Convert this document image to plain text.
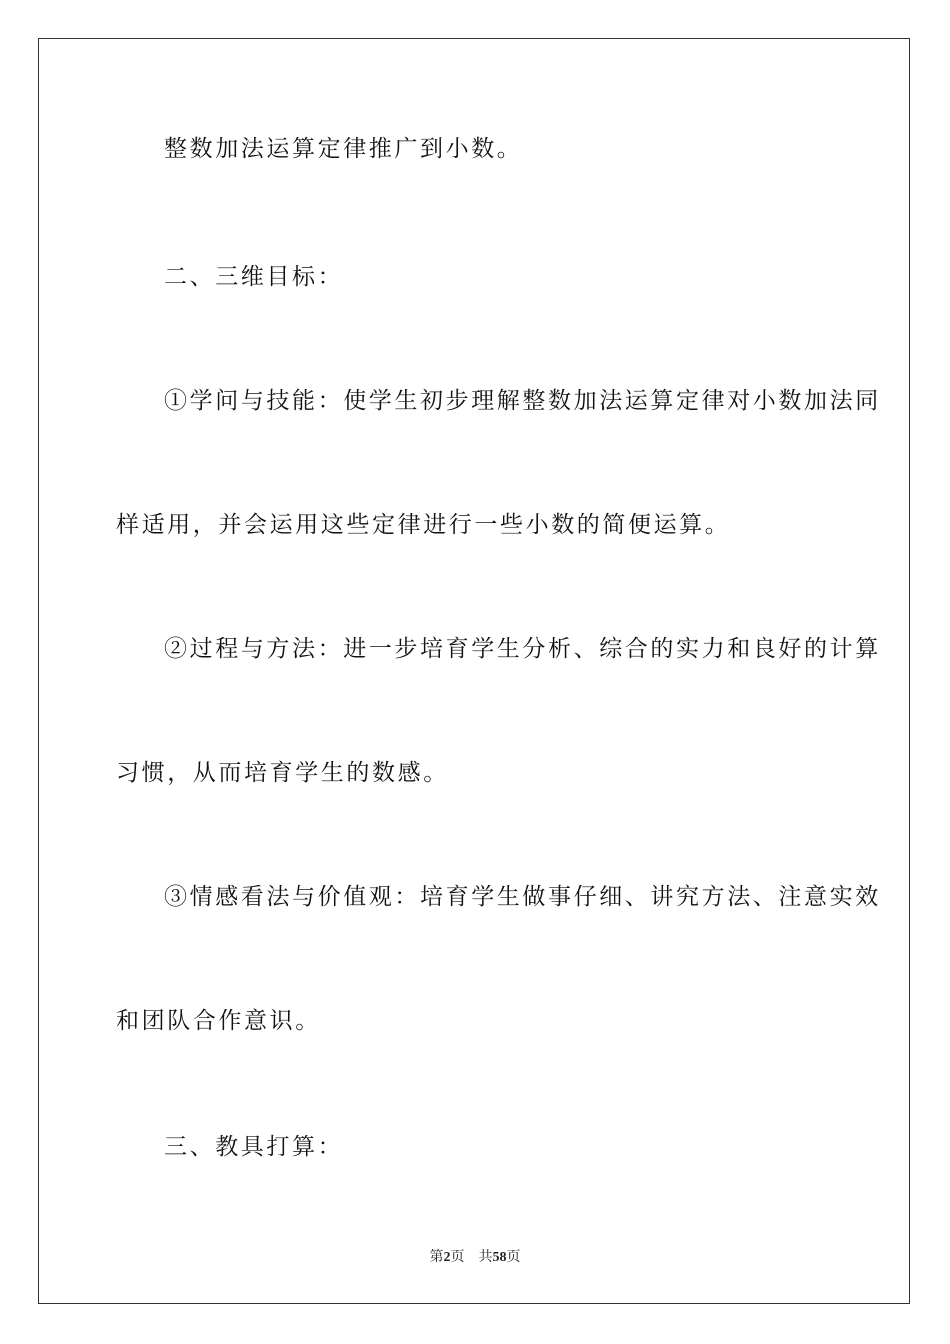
整数加法运算定律推广到小数。
二、三维目标：
①学问与技能：使学生初步理解整数加法运算定律对小数加法同
样适用，并会运用这些定律进行一些小数的简便运算。
②过程与方法：进一步培育学生分析、综合的实力和良好的计算
习惯，从而培育学生的数感。
③情感看法与价值观：培育学生做事仔细、讲究方法、注意实效
和团队合作意识。
三、教具打算：
第2页 共58页
